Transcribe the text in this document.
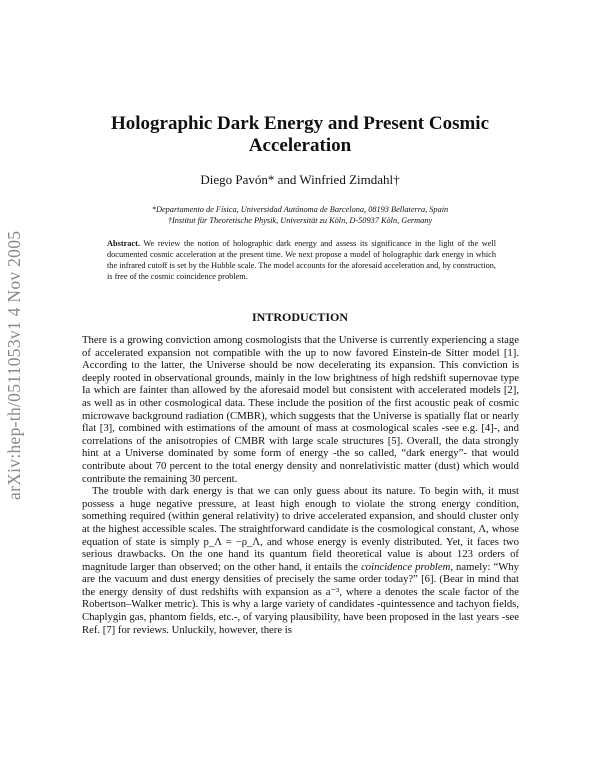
arXiv:hep-th/0511053v1 4 Nov 2005
Holographic Dark Energy and Present Cosmic Acceleration
Diego Pavón* and Winfried Zimdahl†
*Departamento de Física, Universidad Autónoma de Barcelona, 08193 Bellaterra, Spain
†Institut für Theoretische Physik, Universität zu Köln, D-50937 Köln, Germany
Abstract. We review the notion of holographic dark energy and assess its significance in the light of the well documented cosmic acceleration at the present time. We next propose a model of holographic dark energy in which the infrared cutoff is set by the Hubble scale. The model accounts for the aforesaid acceleration and, by construction, is free of the cosmic coincidence problem.
INTRODUCTION

There is a growing conviction among cosmologists that the Universe is currently experiencing a stage of accelerated expansion not compatible with the up to now favored Einstein-de Sitter model [1]. According to the latter, the Universe should be now decelerating its expansion. This conviction is deeply rooted in observational grounds, mainly in the low brightness of high redshift supernovae type Ia which are fainter than allowed by the aforesaid model but consistent with accelerated models [2], as well as in other cosmological data. These include the position of the first acoustic peak of cosmic microwave background radiation (CMBR), which suggests that the Universe is spatially flat or nearly flat [3], combined with estimations of the amount of mass at cosmological scales -see e.g. [4]-, and correlations of the anisotropies of CMBR with large scale structures [5]. Overall, the data strongly hint at a Universe dominated by some form of energy -the so called, “dark energy”- that would contribute about 70 percent to the total energy density and nonrelativistic matter (dust) which would contribute the remaining 30 percent.

The trouble with dark energy is that we can only guess about its nature. To begin with, it must possess a huge negative pressure, at least high enough to violate the strong energy condition, something required (within general relativity) to drive accelerated expansion, and should cluster only at the highest accessible scales. The straightforward candidate is the cosmological constant, Λ, whose equation of state is simply p_Λ = −ρ_Λ, and whose energy is evenly distributed. Yet, it faces two serious drawbacks. On the one hand its quantum field theoretical value is about 123 orders of magnitude larger than observed; on the other hand, it entails the coincidence problem, namely: “Why are the vacuum and dust energy densities of precisely the same order today?” [6]. (Bear in mind that the energy density of dust redshifts with expansion as a⁻³, where a denotes the scale factor of the Robertson–Walker metric). This is why a large variety of candidates -quintessence and tachyon fields, Chaplygin gas, phantom fields, etc.-, of varying plausibility, have been proposed in the last years -see Ref. [7] for reviews. Unluckily, however, there is
